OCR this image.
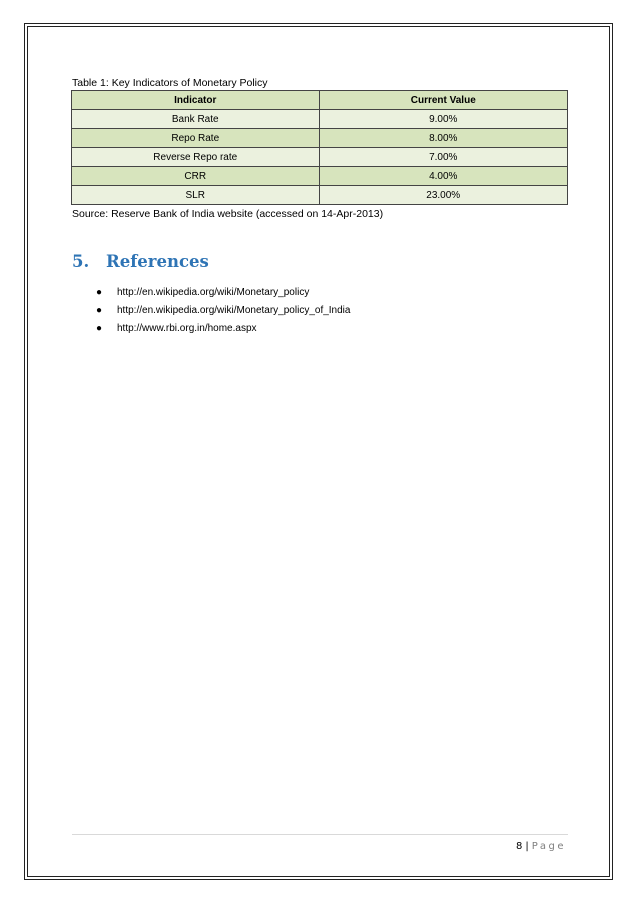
Table 1: Key Indicators of Monetary Policy
Indicator	Current Value
Bank Rate	9.00%
Repo Rate	8.00%
Reverse Repo rate	7.00%
CRR	4.00%
SLR	23.00%
Source: Reserve Bank of India website (accessed on 14-Apr-2013)
5. References
● http://en.wikipedia.org/wiki/Monetary_policy
● http://en.wikipedia.org/wiki/Monetary_policy_of_India
● http://www.rbi.org.in/home.aspx
8 | Page
